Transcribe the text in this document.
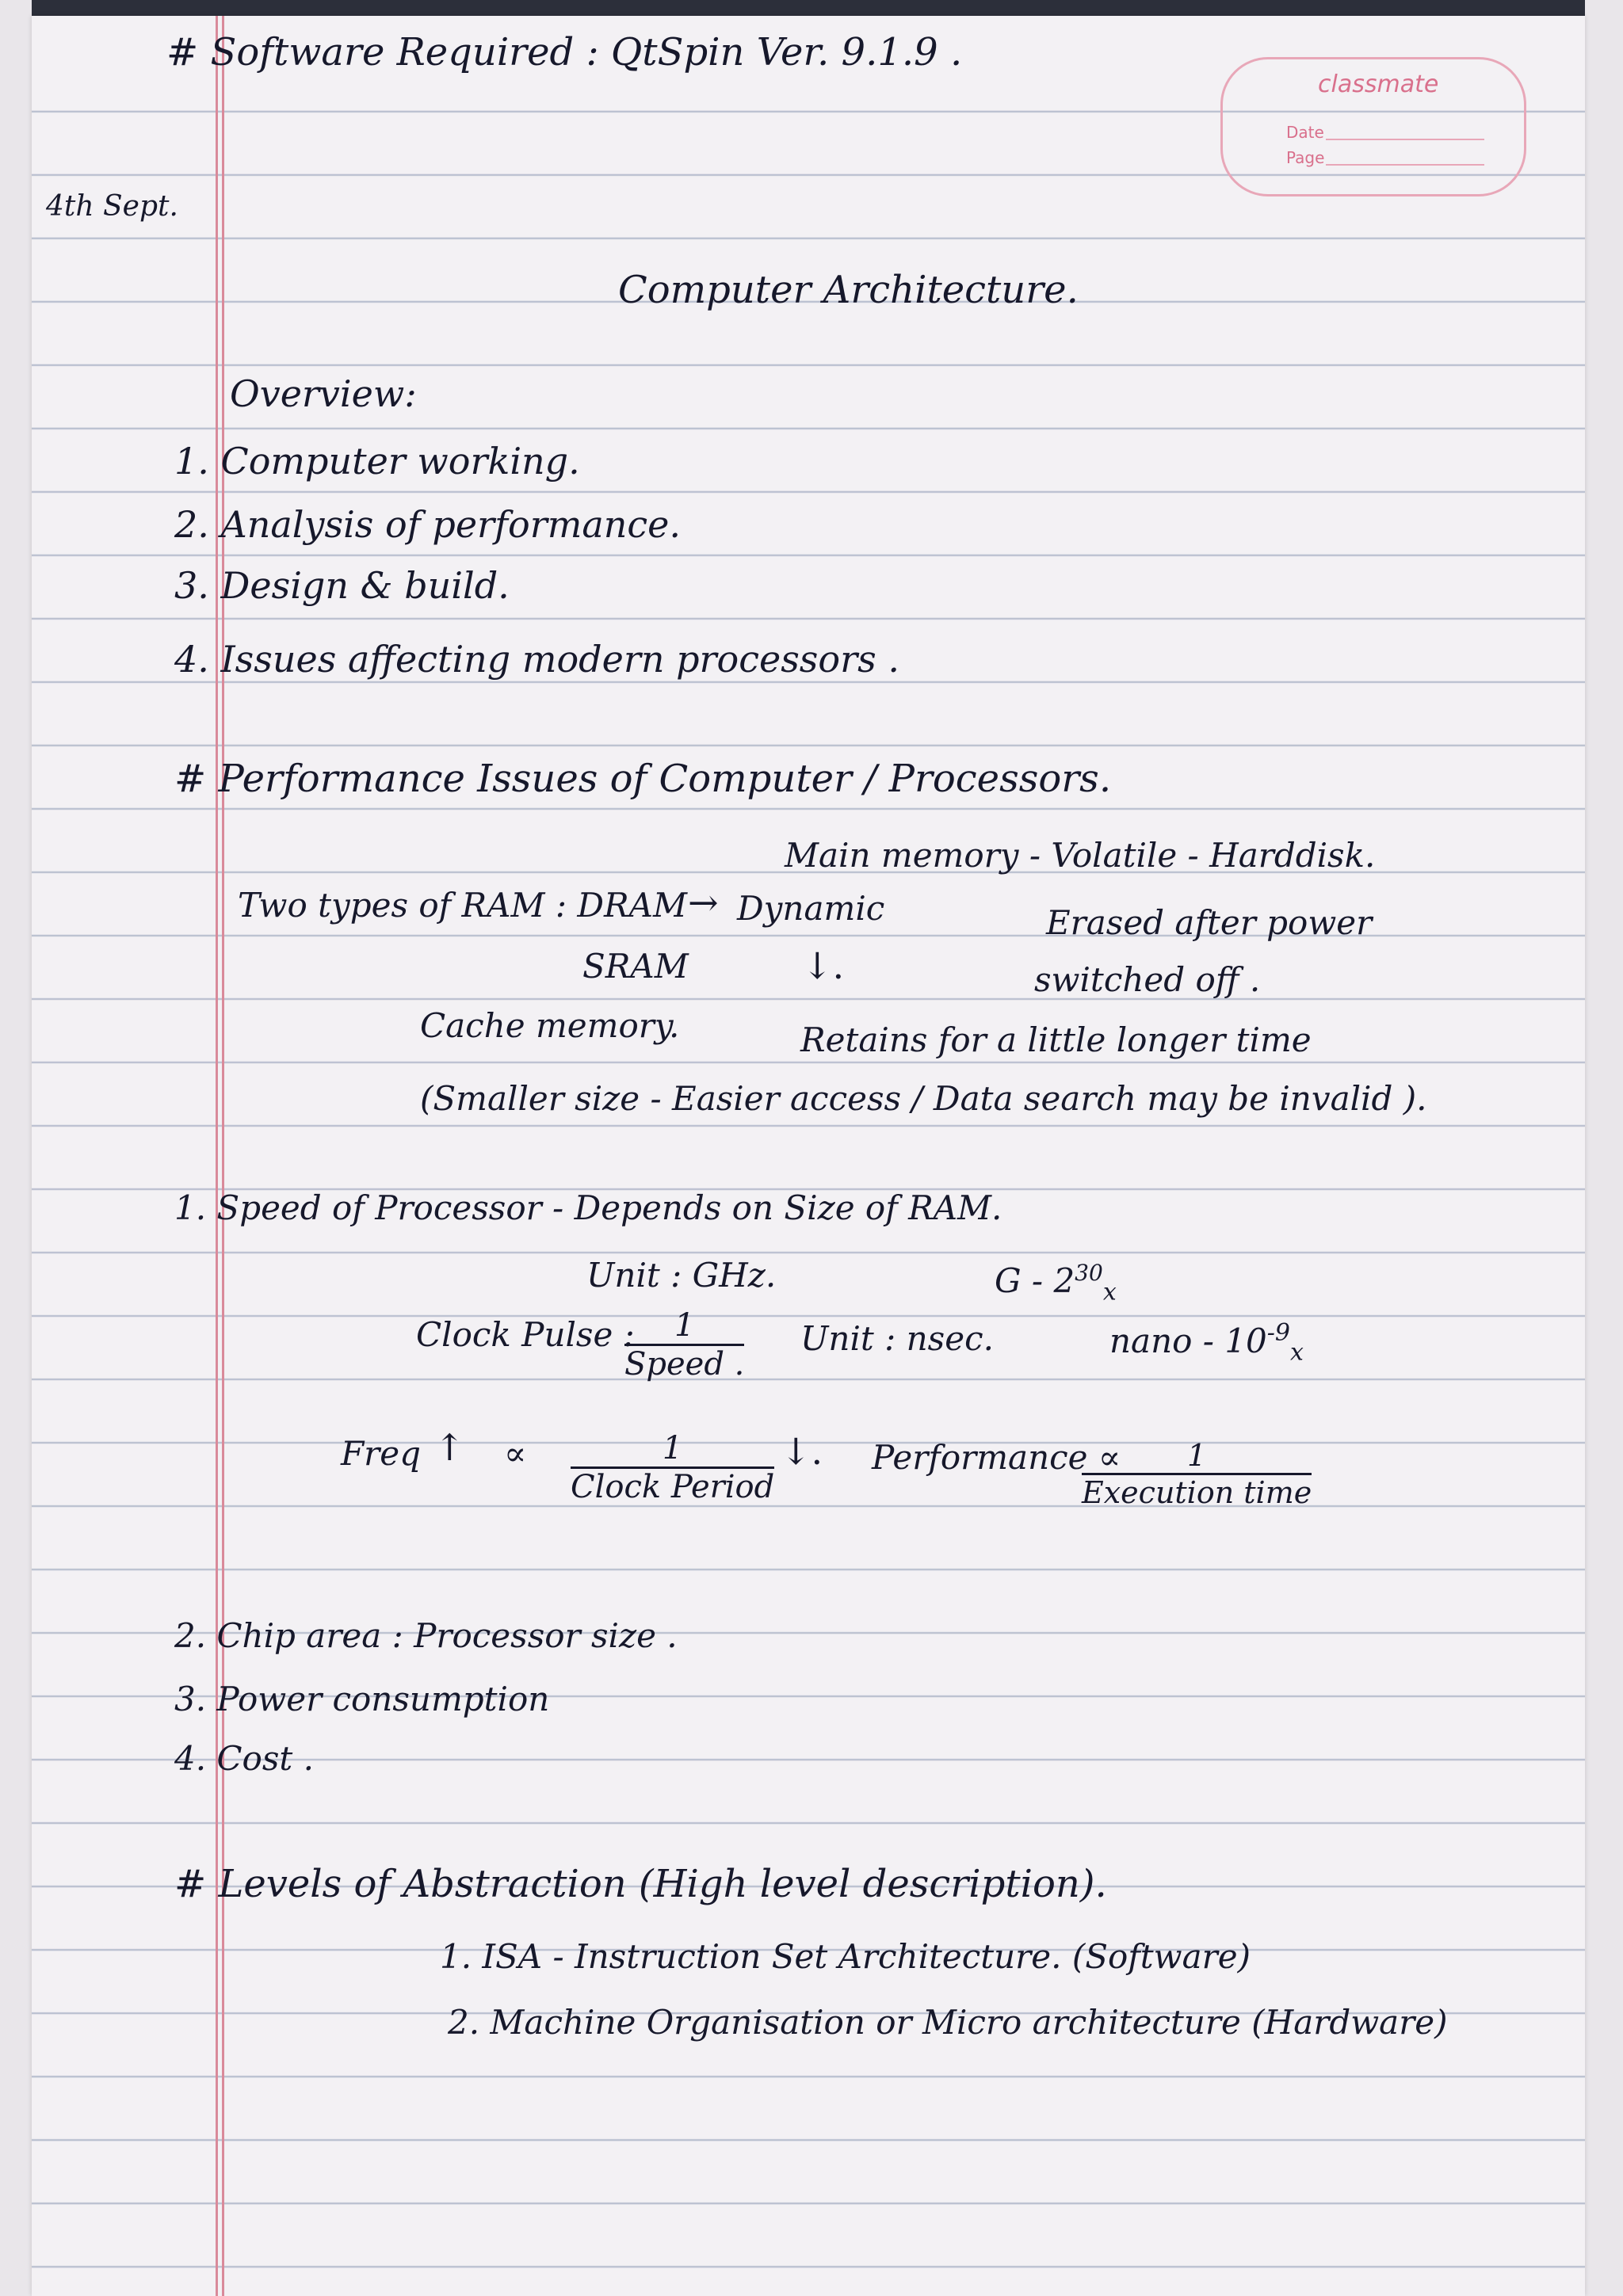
# Software Required : QtSpin Ver. 9.1.9 .
4th Sept.
classmate
Date
Page
Computer Architecture.
Overview:
1. Computer working.
2. Analysis of performance.
3. Design & build.
4. Issues affecting modern processors .
# Performance Issues of Computer / Processors.
Main memory - Volatile - Harddisk.
Two types of RAM : DRAM → Dynamic	Erased after power
SRAM	↓.	switched off .
Cache memory.	Retains for a little longer time
(Smaller size - Easier access / Data search may be invalid ).
1. Speed of Processor - Depends on Size of RAM.
Unit : GHz.	G - $2^{30}_x$
Clock Pulse :	1
Speed .
Unit : nsec.	nano - $10^{-9}_x$
Freq ↑ ∝	1
Clock Period
↓. Performance ∝	1
Execution time
2. Chip area : Processor size .
3. Power consumption
4. Cost .
# Levels of Abstraction (High level description).
1. ISA - Instruction Set Architecture. (Software)
2. Machine Organisation or Micro architecture (Hardware)
